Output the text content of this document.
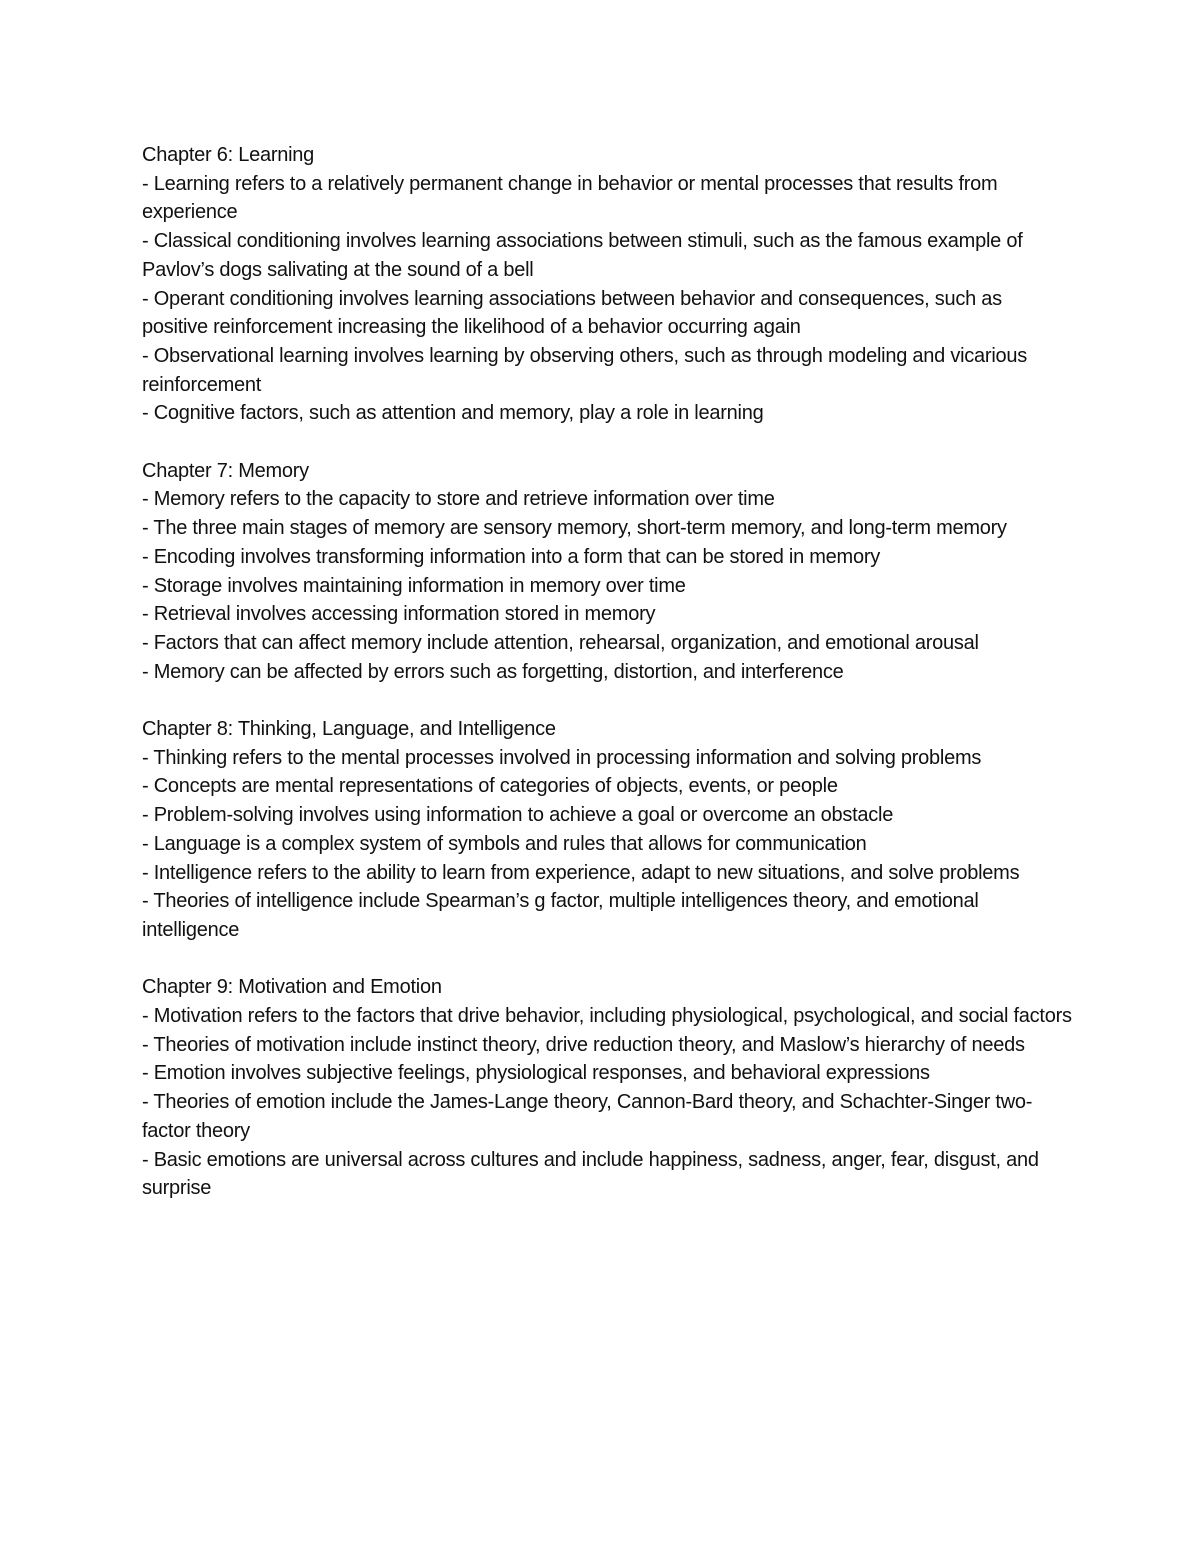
Chapter 6: Learning

- Learning refers to a relatively permanent change in behavior or mental processes that results from experience

- Classical conditioning involves learning associations between stimuli, such as the famous example of Pavlov’s dogs salivating at the sound of a bell

- Operant conditioning involves learning associations between behavior and consequences, such as positive reinforcement increasing the likelihood of a behavior occurring again

- Observational learning involves learning by observing others, such as through modeling and vicarious reinforcement

- Cognitive factors, such as attention and memory, play a role in learning

Chapter 7: Memory

- Memory refers to the capacity to store and retrieve information over time

- The three main stages of memory are sensory memory, short-term memory, and long-term memory

- Encoding involves transforming information into a form that can be stored in memory

- Storage involves maintaining information in memory over time

- Retrieval involves accessing information stored in memory

- Factors that can affect memory include attention, rehearsal, organization, and emotional arousal

- Memory can be affected by errors such as forgetting, distortion, and interference

Chapter 8: Thinking, Language, and Intelligence

- Thinking refers to the mental processes involved in processing information and solving problems

- Concepts are mental representations of categories of objects, events, or people

- Problem-solving involves using information to achieve a goal or overcome an obstacle

- Language is a complex system of symbols and rules that allows for communication

- Intelligence refers to the ability to learn from experience, adapt to new situations, and solve problems

- Theories of intelligence include Spearman’s g factor, multiple intelligences theory, and emotional intelligence

Chapter 9: Motivation and Emotion

- Motivation refers to the factors that drive behavior, including physiological, psychological, and social factors

- Theories of motivation include instinct theory, drive reduction theory, and Maslow’s hierarchy of needs

- Emotion involves subjective feelings, physiological responses, and behavioral expressions

- Theories of emotion include the James-Lange theory, Cannon-Bard theory, and Schachter-Singer two-factor theory

- Basic emotions are universal across cultures and include happiness, sadness, anger, fear, disgust, and surprise
